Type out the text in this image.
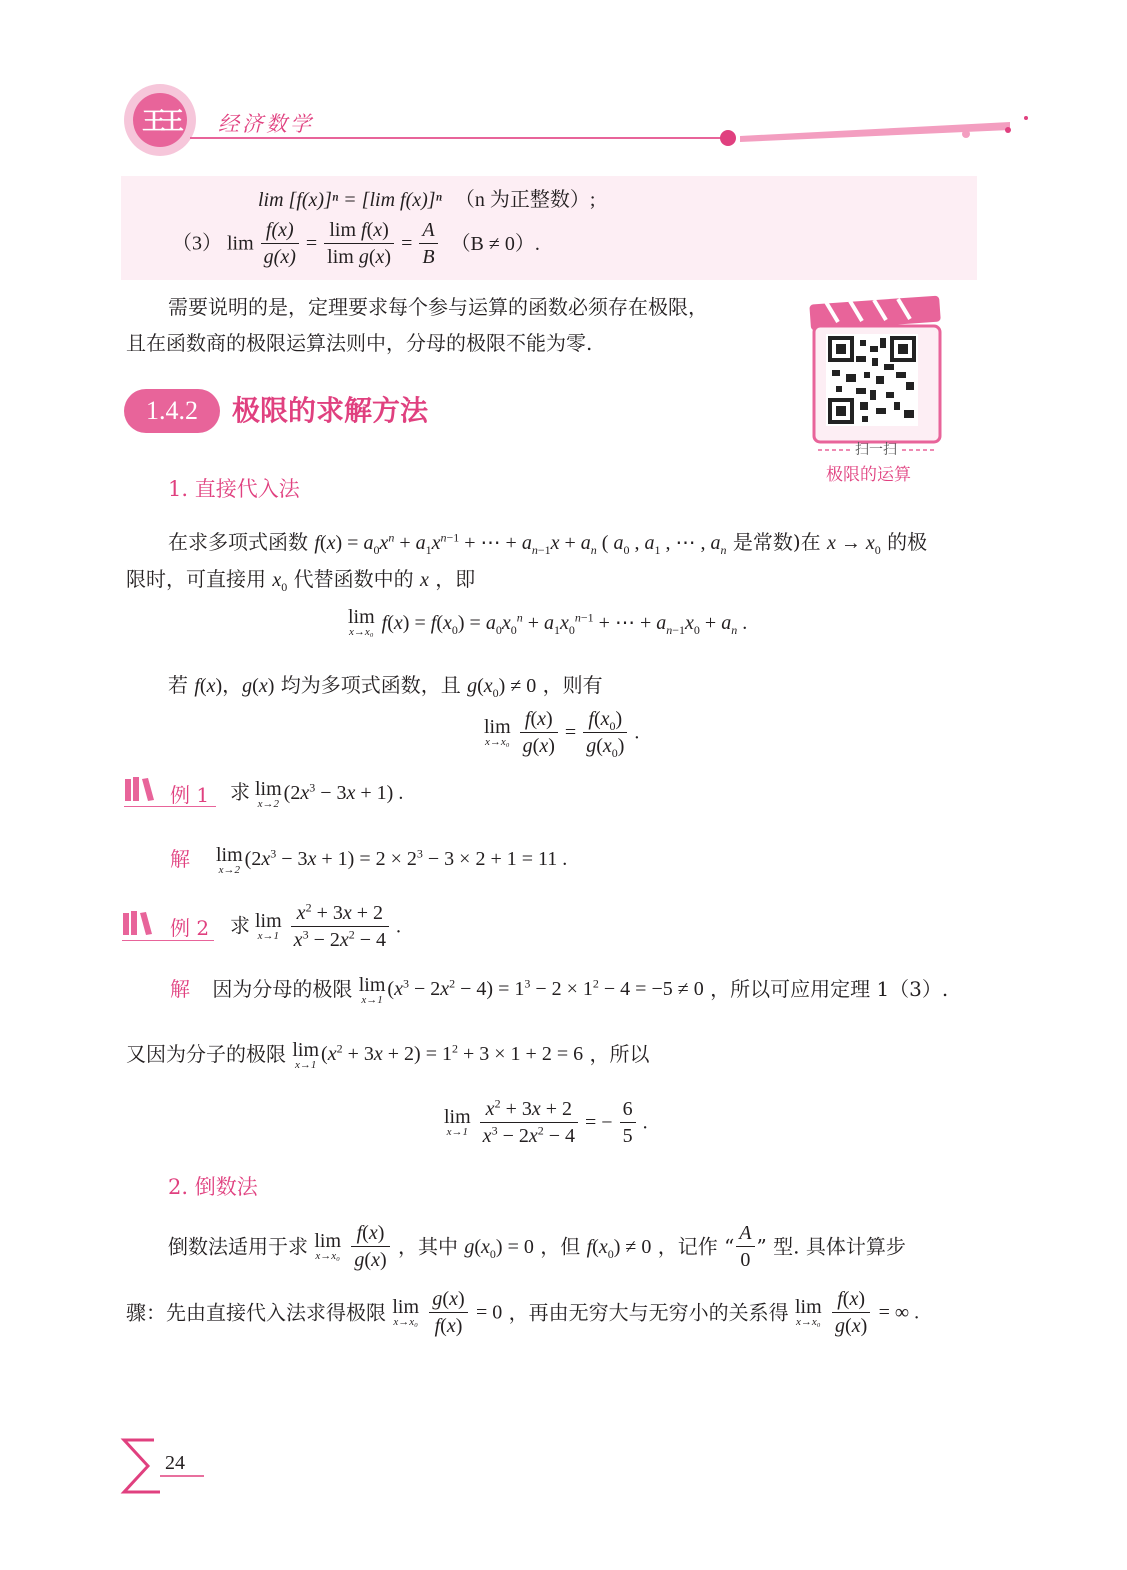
王王	经济数学
lim [f(x)]ⁿ = [lim f(x)]ⁿ （n 为正整数）;
（3） $\lim \frac{f(x)}{g(x)} = \frac{\text{lim f(x)}}{\text{lim g(x)}} = \frac{A}{B} (B \ne 0)$.
需要说明的是，定理要求每个参与运算的函数必须存在极限，
且在函数商的极限运算法则中，分母的极限不能为零.
扫一扫
极限的运算
1.4.2	极限的求解方法
1. 直接代入法
在求多项式函数 $f(x) = a_0x^n + a_1x^{n-1}$ + ⋯ + $a_{n-1}x + a_n$ ( $a_0$ , $a_1$ , ⋯ , $a_n$ 是常数)在 $x \to x_0$ 的极
限时，可直接用 $x_0$ 代替函数中的 x ，即
lim
x→x₀ $f(x) = f(x_0) = a_0x_0^n + a_1x_0^{n-1}$ + ⋯ + $a_{n-1}x_0 + a_n$ .
若 f(x)，g(x) 均为多项式函数，且 $g(x_0) \ne 0$ ，则有
lim
x→x₀
$\frac{f(x)}{g(x)} = \frac{f(x_0)}{g(x_0)}$ .
例 1 求 lim
x→2 $(2x^3 - 3x + 1)$ .
解 lim
x→2 $(2x^3 - 3x + 1) = 2 \times 2^3 - 3 \times 2 + 1 = 11$ .
例 2 求 lim
x→1
$\frac{x^2 + 3x + 2}{x^3 - 2x^2 - 4}$ .
解 因为分母的极限 lim
x→1 $(x^3 - 2x^2 - 4) = 1^3 - 2 \times 1^2 - 4 = -5 \ne 0$ ，所以可应用定理 1（3）.
又因为分子的极限 lim
x→1 $(x^2 + 3x + 2) = 1^2 + 3 \times 1 + 2 = 6$ ，所以
lim
x→1
$\frac{x^2 + 3x + 2}{x^3 - 2x^2 - 4}$ = − $\frac{6}{5}$ .
2. 倒数法
倒数法适用于求 lim
x→x₀
$\frac{f(x)}{g(x)}$ ，其中 $g(x_0) = 0$ ，但 $f(x_0) \ne 0$ ，记作 “ $\frac{A}{0}$ ” 型. 具体计算步
骤：先由直接代入法求得极限 lim
x→x₀
$\frac{g(x)}{f(x)} = 0$ ，再由无穷大与无穷小的关系得 lim
x→x₀
$\frac{f(x)}{g(x)}$ = ∞ .
24
